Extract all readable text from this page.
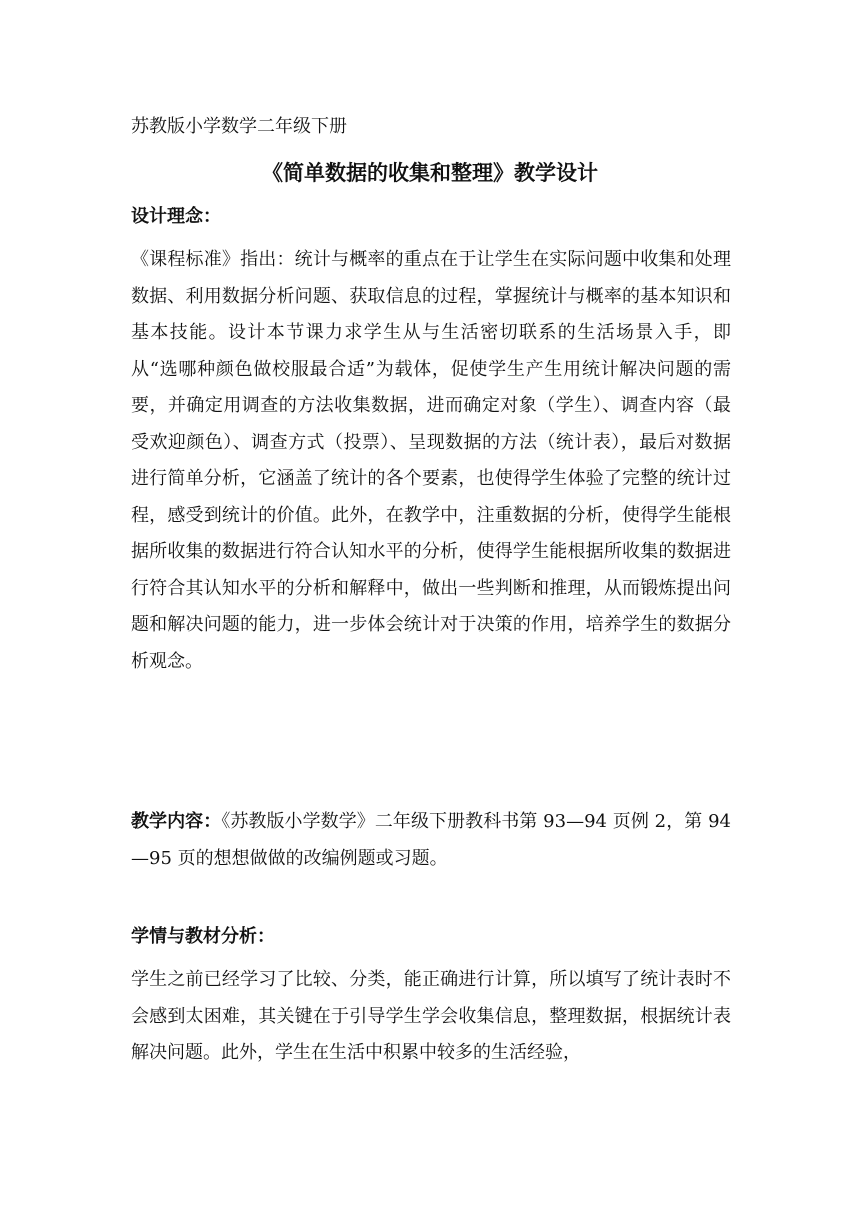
苏教版小学数学二年级下册
《简单数据的收集和整理》教学设计
设计理念：

《课程标准》指出：统计与概率的重点在于让学生在实际问题中收集和处理数据、利用数据分析问题、获取信息的过程，掌握统计与概率的基本知识和基本技能。设计本节课力求学生从与生活密切联系的生活场景入手，即从“选哪种颜色做校服最合适”为载体，促使学生产生用统计解决问题的需要，并确定用调查的方法收集数据，进而确定对象（学生）、调查内容（最受欢迎颜色）、调查方式（投票）、呈现数据的方法（统计表），最后对数据进行简单分析，它涵盖了统计的各个要素，也使得学生体验了完整的统计过程，感受到统计的价值。此外，在教学中，注重数据的分析，使得学生能根据所收集的数据进行符合认知水平的分析，使得学生能根据所收集的数据进行符合其认知水平的分析和解释中，做出一些判断和推理，从而锻炼提出问题和解决问题的能力，进一步体会统计对于决策的作用，培养学生的数据分析观念。

教学内容：《苏教版小学数学》二年级下册教科书第 93—94 页例 2，第 94—95 页的想想做做的改编例题或习题。

学情与教材分析：

学生之前已经学习了比较、分类，能正确进行计算，所以填写了统计表时不会感到太困难，其关键在于引导学生学会收集信息，整理数据，根据统计表解决问题。此外，学生在生活中积累中较多的生活经验，
